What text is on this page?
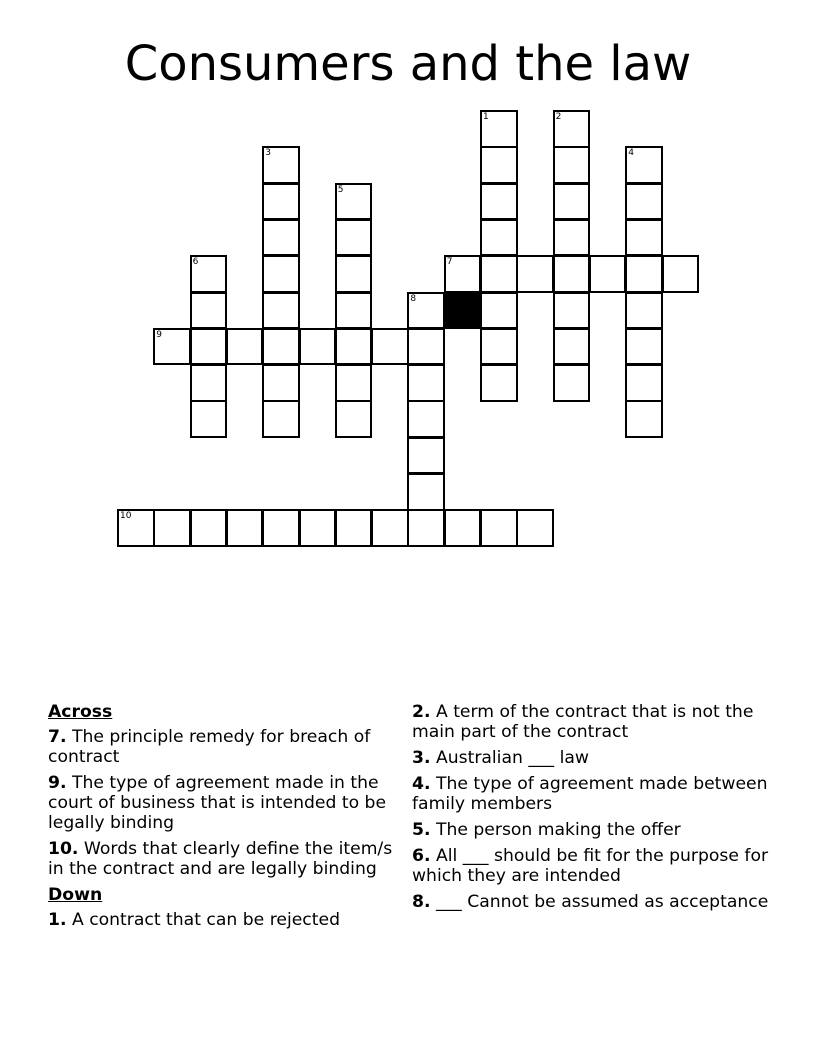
Consumers and the law
1	2
3	4
5
6	7
8
9
10
Across
7. The principle remedy for breach of contract
9. The type of agreement made in the court of business that is intended to be legally binding
10. Words that clearly define the item/s in the contract and are legally binding
Down
1. A contract that can be rejected
2. A term of the contract that is not the main part of the contract
3. Australian ___ law
4. The type of agreement made between family members
5. The person making the offer
6. All ___ should be fit for the purpose for which they are intended
8. ___ Cannot be assumed as acceptance
